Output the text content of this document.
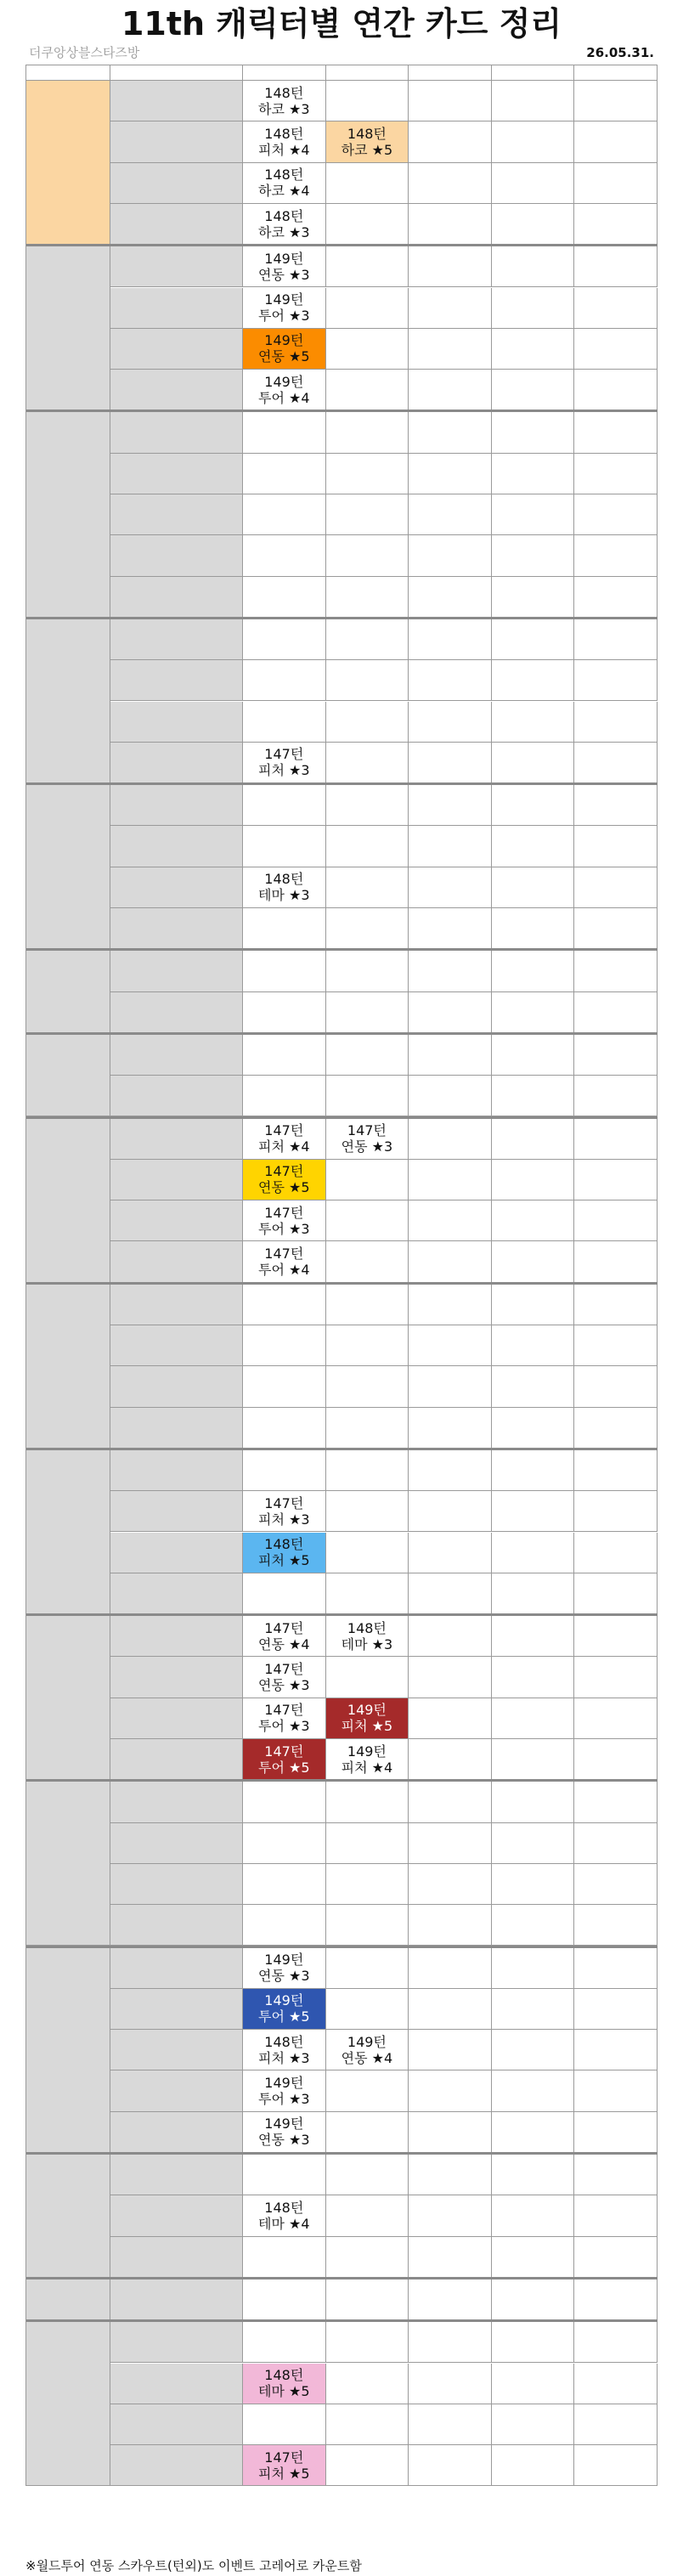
11th 캐릭터별 연간 카드 정리
더쿠앙상블스타즈방	26.05.31.
148턴
하코 ★3
148턴
피처 ★4
148턴
하코 ★5
148턴
하코 ★4
148턴
하코 ★3
149턴
연동 ★3
149턴
투어 ★3
149턴
연동 ★5
149턴
투어 ★4
147턴
피처 ★3
148턴
테마 ★3
147턴
피처 ★4
147턴
연동 ★3
147턴
연동 ★5
147턴
투어 ★3
147턴
투어 ★4
147턴
피처 ★3
148턴
피처 ★5
147턴
연동 ★4
148턴
테마 ★3
147턴
연동 ★3
147턴
투어 ★3
149턴
피처 ★5
147턴
투어 ★5
149턴
피처 ★4
149턴
연동 ★3
149턴
투어 ★5
148턴
피처 ★3
149턴
연동 ★4
149턴
투어 ★3
149턴
연동 ★3
148턴
테마 ★4
148턴
테마 ★5
147턴
피처 ★5
※월드투어 연동 스카우트(턴외)도 이벤트 고레어로 카운트함
